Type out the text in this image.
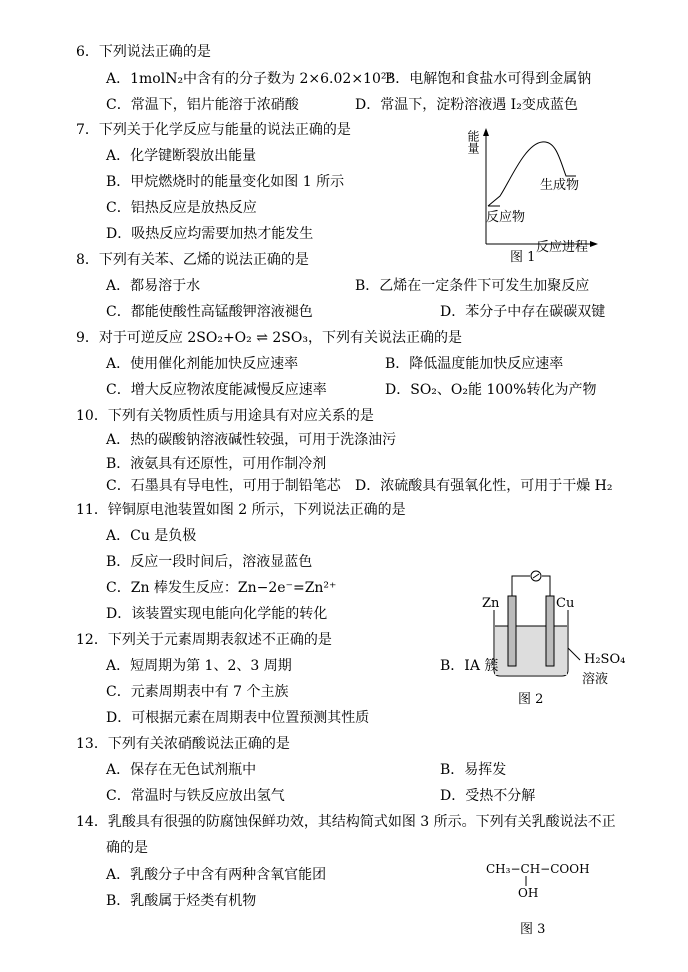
6．下列说法正确的是
A．1molN₂中含有的分子数为 2×6.02×10²³
B．电解饱和食盐水可得到金属钠
C．常温下，铝片能溶于浓硝酸	D．常温下，淀粉溶液遇 I₂变成蓝色
7．下列关于化学反应与能量的说法正确的是
A．化学键断裂放出能量
B．甲烷燃烧时的能量变化如图 1 所示
C．铝热反应是放热反应
D．吸热反应均需要加热才能发生
能量
生成物
反应物
反应进程
图 1
8．下列有关苯、乙烯的说法正确的是
A．都易溶于水	B．乙烯在一定条件下可发生加聚反应
C．都能使酸性高锰酸钾溶液褪色	D．苯分子中存在碳碳双键
9．对于可逆反应 2SO₂+O₂ ⇌ 2SO₃，下列有关说法正确的是
A．使用催化剂能加快反应速率	B．降低温度能加快反应速率
C．增大反应物浓度能减慢反应速率	D．SO₂、O₂能 100%转化为产物
10．下列有关物质性质与用途具有对应关系的是
A．热的碳酸钠溶液碱性较强，可用于洗涤油污
B．液氨具有还原性，可用作制冷剂
C．石墨具有导电性，可用于制铅笔芯 D．浓硫酸具有强氧化性，可用于干燥 H₂
11．锌铜原电池装置如图 2 所示，下列说法正确的是
A．Cu 是负极
B．反应一段时间后，溶液显蓝色
C．Zn 棒发生反应：Zn−2e⁻=Zn²⁺
D．该装置实现电能向化学能的转化
Zn	Cu
H₂SO₄
溶液
图 2
12．下列关于元素周期表叙述不正确的是
A．短周期为第 1、2、3 周期	B．ⅠA 簇
C．元素周期表中有 7 个主族
D．可根据元素在周期表中位置预测其性质
13．下列有关浓硝酸说法正确的是
A．保存在无色试剂瓶中	B．易挥发
C．常温时与铁反应放出氢气	D．受热不分解
14．乳酸具有很强的防腐蚀保鲜功效，其结构简式如图 3 所示。下列有关乳酸说法不正
确的是
A．乳酸分子中含有两种含氧官能团
B．乳酸属于烃类有机物
CH₃−CH−COOH
OH
图 3
